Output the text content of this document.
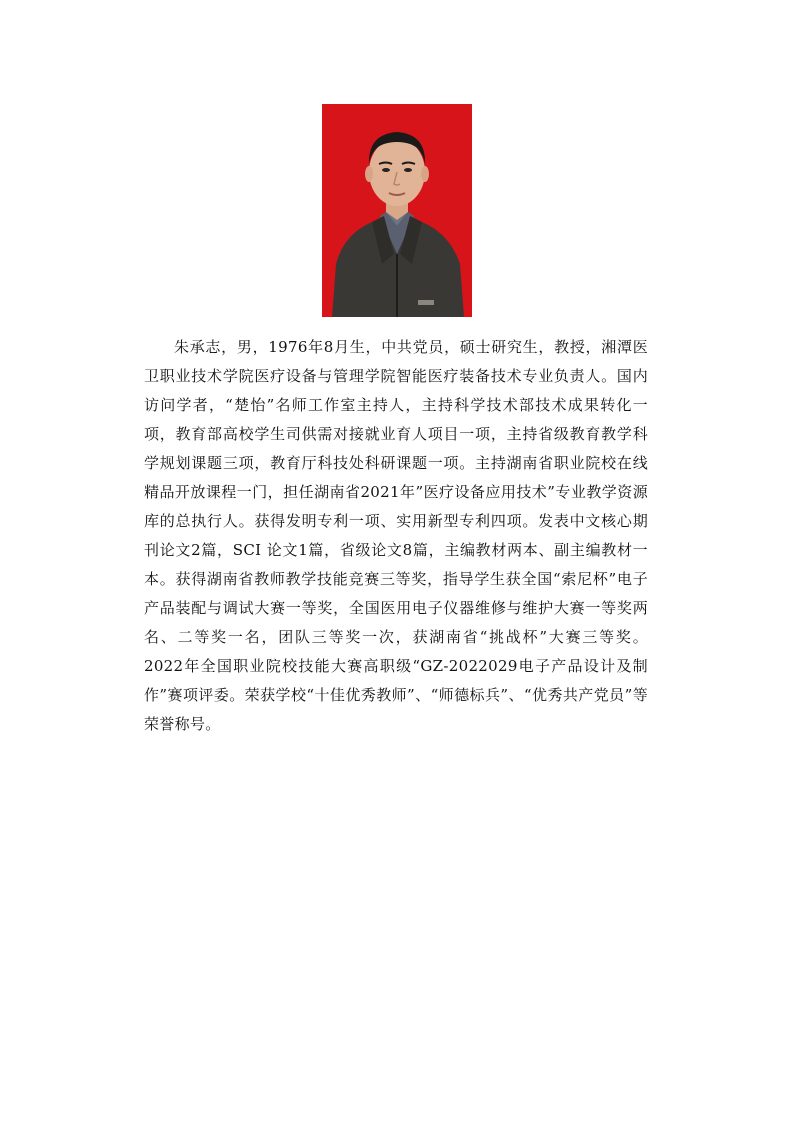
朱承志，男，1976年8月生，中共党员，硕士研究生，教授，湘潭医卫职业技术学院医疗设备与管理学院智能医疗装备技术专业负责人。国内访问学者，“楚怡”名师工作室主持人，主持科学技术部技术成果转化一项，教育部高校学生司供需对接就业育人项目一项，主持省级教育教学科学规划课题三项，教育厅科技处科研课题一项。主持湖南省职业院校在线精品开放课程一门，担任湖南省2021年”医疗设备应用技术”专业教学资源库的总执行人。获得发明专利一项、实用新型专利四项。发表中文核心期刊论文2篇，SCI 论文1篇，省级论文8篇，主编教材两本、副主编教材一本。获得湖南省教师教学技能竞赛三等奖，指导学生获全国“索尼杯”电子产品装配与调试大赛一等奖，全国医用电子仪器维修与维护大赛一等奖两名、二等奖一名，团队三等奖一次，获湖南省“挑战杯”大赛三等奖。 2022年全国职业院校技能大赛高职级“GZ-2022029电子产品设计及制作”赛项评委。荣获学校“十佳优秀教师”、“师德标兵”、“优秀共产党员”等荣誉称号。
